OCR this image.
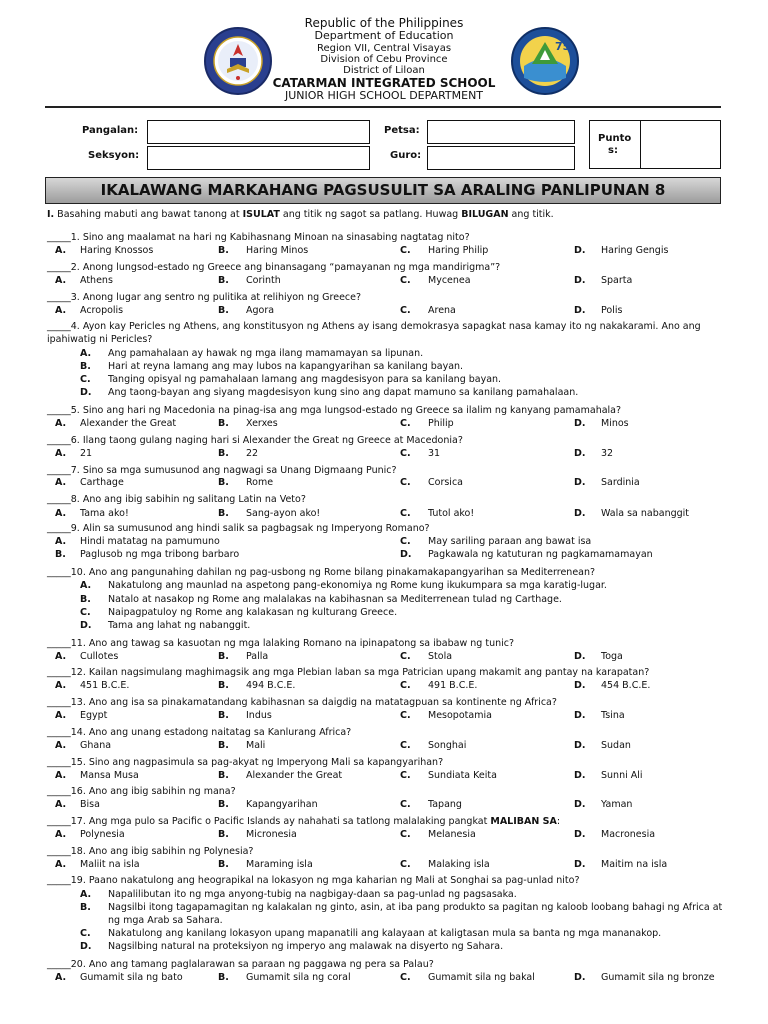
75
Republic of the Philippines
Department of Education
Region VII, Central Visayas
Division of Cebu Province
District of Liloan
CATARMAN INTEGRATED SCHOOL
JUNIOR HIGH SCHOOL DEPARTMENT
Pangalan:
Seksyon:
Petsa:
Guro:
Punto s:
IKALAWANG MARKAHANG PAGSUSULIT SA ARALING PANLIPUNAN 8
I. Basahing mabuti ang bawat tanong at ISULAT ang titik ng sagot sa patlang. Huwag BILUGAN ang titik.
_____1. Sino ang maalamat na hari ng Kabihasnang Minoan na sinasabing nagtatag nito?
A. Haring Knossos	B. Haring Minos	C. Haring Philip	D. Haring Gengis
_____2. Anong lungsod-estado ng Greece ang binansagang “pamayanan ng mga mandirigma”?
A. Athens	B. Corinth	C. Mycenea	D. Sparta
_____3. Anong lugar ang sentro ng pulitika at relihiyon ng Greece?
A. Acropolis	B. Agora	C. Arena	D. Polis
_____4. Ayon kay Pericles ng Athens, ang konstitusyon ng Athens ay isang demokrasya sapagkat nasa kamay ito ng nakakarami. Ano ang ipahiwatig ni Pericles?
A. Ang pamahalaan ay hawak ng mga ilang mamamayan sa lipunan.
B. Hari at reyna lamang ang may lubos na kapangyarihan sa kanilang bayan.
C. Tanging opisyal ng pamahalaan lamang ang magdesisyon para sa kanilang bayan.
D. Ang taong-bayan ang siyang magdesisyon kung sino ang dapat mamuno sa kanilang pamahalaan.
_____5. Sino ang hari ng Macedonia na pinag-isa ang mga lungsod-estado ng Greece sa ilalim ng kanyang pamamahala?
A. Alexander the Great	B. Xerxes	C. Philip	D. Minos
_____6. Ilang taong gulang naging hari si Alexander the Great ng Greece at Macedonia?
A. 21	B. 22	C. 31	D. 32
_____7. Sino sa mga sumusunod ang nagwagi sa Unang Digmaang Punic?
A. Carthage	B. Rome	C. Corsica	D. Sardinia
_____8. Ano ang ibig sabihin ng salitang Latin na Veto?
A. Tama ako!	B. Sang-ayon ako!	C. Tutol ako!	D. Wala sa nabanggit
_____9. Alin sa sumusunod ang hindi salik sa pagbagsak ng Imperyong Romano?
A. Hindi matatag na pamumuno	C. May sariling paraan ang bawat isa
B. Paglusob ng mga tribong barbaro	D. Pagkawala ng katuturan ng pagkamamamayan
_____10. Ano ang pangunahing dahilan ng pag-usbong ng Rome bilang pinakamakapangyarihan sa Mediterrenean?
A. Nakatulong ang maunlad na aspetong pang-ekonomiya ng Rome kung ikukumpara sa mga karatig-lugar.
B. Natalo at nasakop ng Rome ang malalakas na kabihasnan sa Mediterrenean tulad ng Carthage.
C. Naipagpatuloy ng Rome ang kalakasan ng kulturang Greece.
D. Tama ang lahat ng nabanggit.
_____11. Ano ang tawag sa kasuotan ng mga lalaking Romano na ipinapatong sa ibabaw ng tunic?
A. Cullotes	B. Palla	C. Stola	D. Toga
_____12. Kailan nagsimulang maghimagsik ang mga Plebian laban sa mga Patrician upang makamit ang pantay na karapatan?
A. 451 B.C.E.	B. 494 B.C.E.	C. 491 B.C.E.	D. 454 B.C.E.
_____13. Ano ang isa sa pinakamatandang kabihasnan sa daigdig na matatagpuan sa kontinente ng Africa?
A. Egypt	B. Indus	C. Mesopotamia	D. Tsina
_____14. Ano ang unang estadong naitatag sa Kanlurang Africa?
A. Ghana	B. Mali	C. Songhai	D. Sudan
_____15. Sino ang nagpasimula sa pag-akyat ng Imperyong Mali sa kapangyarihan?
A. Mansa Musa	B. Alexander the Great	C. Sundiata Keita	D. Sunni Ali
_____16. Ano ang ibig sabihin ng mana?
A. Bisa	B. Kapangyarihan	C. Tapang	D. Yaman
_____17. Ang mga pulo sa Pacific o Pacific Islands ay nahahati sa tatlong malalaking pangkat MALIBAN SA:
A. Polynesia	B. Micronesia	C. Melanesia	D. Macronesia
_____18. Ano ang ibig sabihin ng Polynesia?
A. Maliit na isla	B. Maraming isla	C. Malaking isla	D. Maitim na isla
_____19. Paano nakatulong ang heograpikal na lokasyon ng mga kaharian ng Mali at Songhai sa pag-unlad nito?
A. Napalilibutan ito ng mga anyong-tubig na nagbigay-daan sa pag-unlad ng pagsasaka.
B. Nagsilbi itong tagapamagitan ng kalakalan ng ginto, asin, at iba pang produkto sa pagitan ng kaloob loobang bahagi ng Africa at ng mga Arab sa Sahara.
C. Nakatulong ang kanilang lokasyon upang mapanatili ang kalayaan at kaligtasan mula sa banta ng mga mananakop.
D. Nagsilbing natural na proteksiyon ng imperyo ang malawak na disyerto ng Sahara.
_____20. Ano ang tamang paglalarawan sa paraan ng paggawa ng pera sa Palau?
A. Gumamit sila ng bato	B. Gumamit sila ng coral	C. Gumamit sila ng bakal	D. Gumamit sila ng bronze
